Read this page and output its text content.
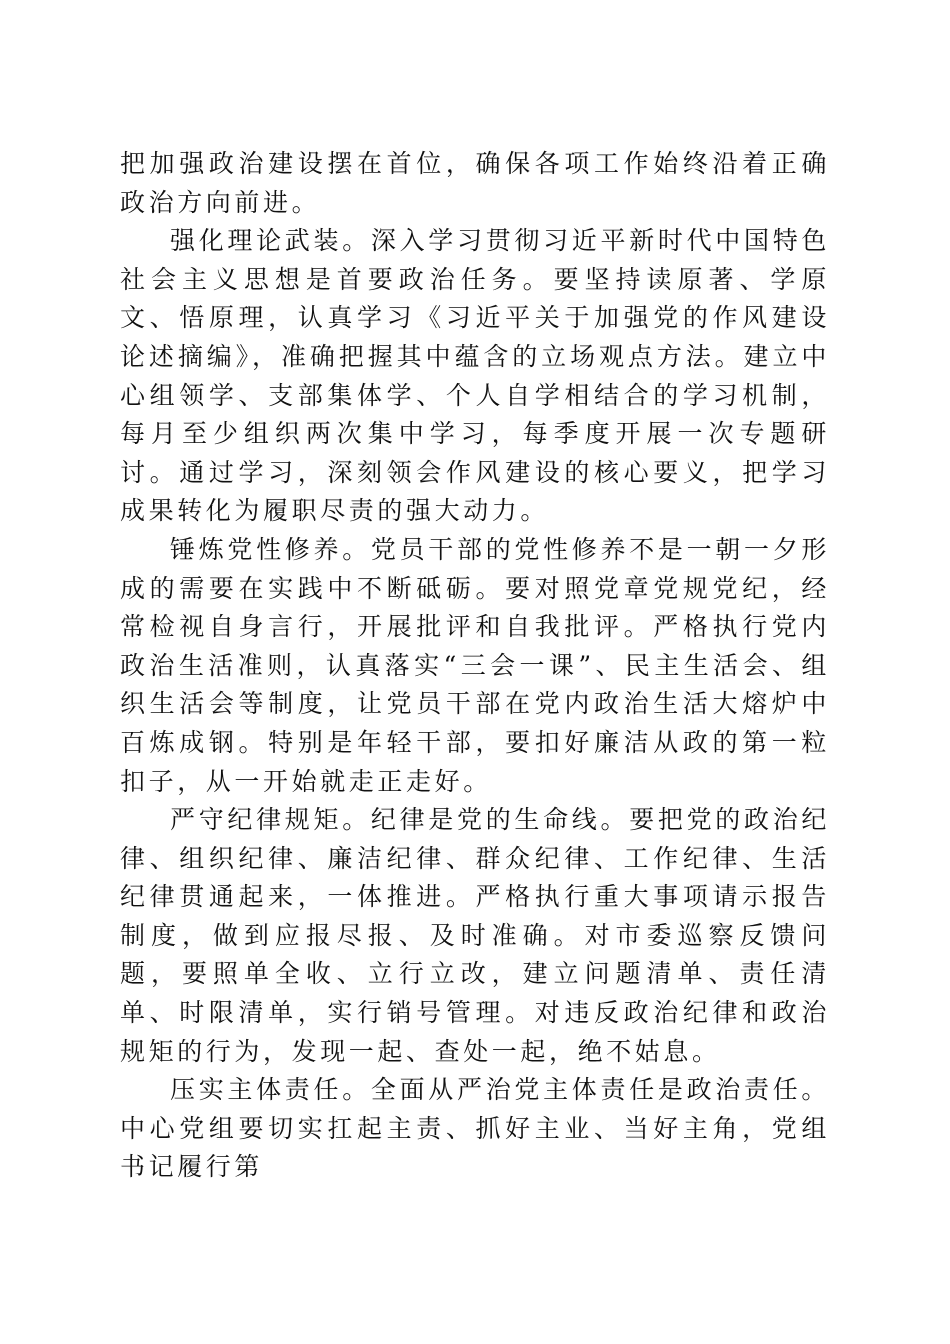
把加强政治建设摆在首位，确保各项工作始终沿着正确政治方向前进。

强化理论武装。深入学习贯彻习近平新时代中国特色社会主义思想是首要政治任务。要坚持读原著、学原文、悟原理，认真学习《习近平关于加强党的作风建设论述摘编》，准确把握其中蕴含的立场观点方法。建立中心组领学、支部集体学、个人自学相结合的学习机制，每月至少组织两次集中学习，每季度开展一次专题研讨。通过学习，深刻领会作风建设的核心要义，把学习成果转化为履职尽责的强大动力。

锤炼党性修养。党员干部的党性修养不是一朝一夕形成的需要在实践中不断砥砺。要对照党章党规党纪，经常检视自身言行，开展批评和自我批评。严格执行党内政治生活准则，认真落实“三会一课”、民主生活会、组织生活会等制度，让党员干部在党内政治生活大熔炉中百炼成钢。特别是年轻干部，要扣好廉洁从政的第一粒扣子，从一开始就走正走好。

严守纪律规矩。纪律是党的生命线。要把党的政治纪律、组织纪律、廉洁纪律、群众纪律、工作纪律、生活纪律贯通起来，一体推进。严格执行重大事项请示报告制度，做到应报尽报、及时准确。对市委巡察反馈问题，要照单全收、立行立改，建立问题清单、责任清单、时限清单，实行销号管理。对违反政治纪律和政治规矩的行为，发现一起、查处一起，绝不姑息。

压实主体责任。全面从严治党主体责任是政治责任。中心党组要切实扛起主责、抓好主业、当好主角，党组书记履行第
